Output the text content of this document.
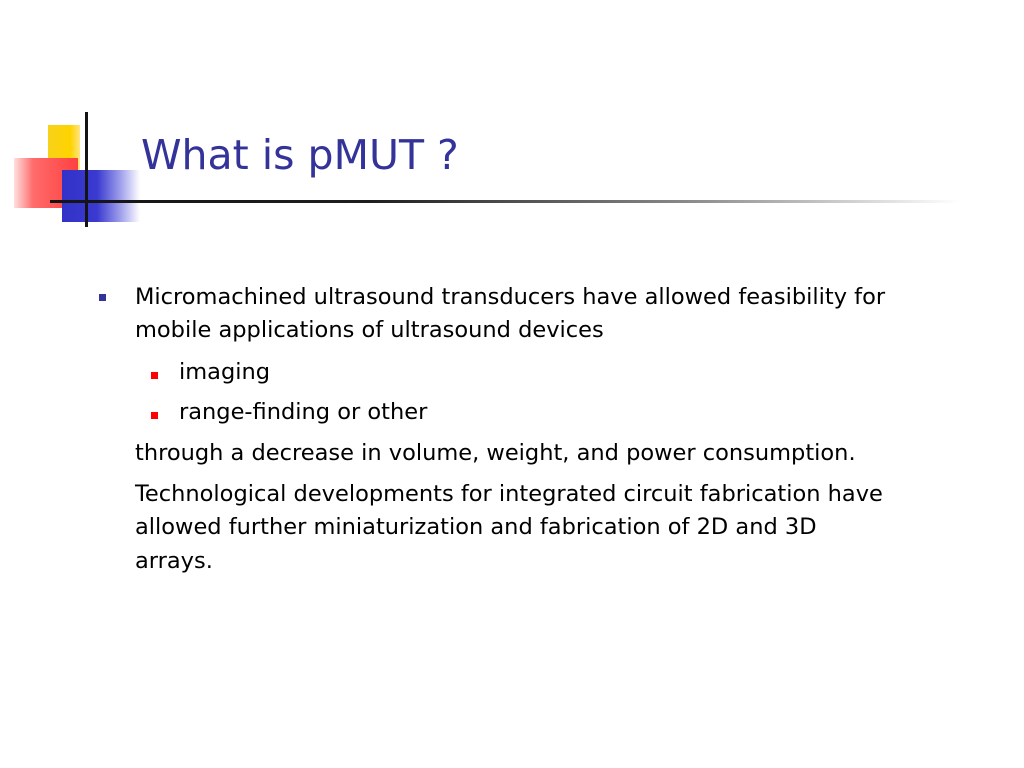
What is pMUT ?
Micromachined ultrasound transducers have allowed feasibility for
mobile applications of ultrasound devices
imaging
range-finding or other
through a decrease in volume, weight, and power consumption.
Technological developments for integrated circuit fabrication have
allowed further miniaturization and fabrication of 2D and 3D
arrays.
